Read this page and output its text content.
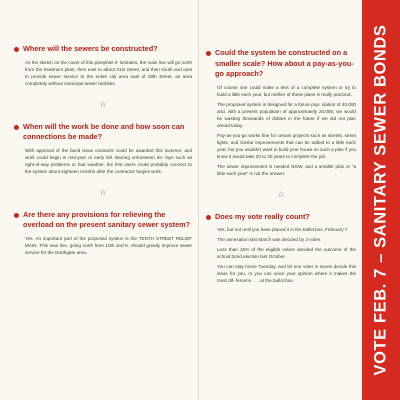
Where will the sewers be constructed?

As the sketch on the cover of this pamphlet il- lustrates, the main line will go north from the treatment plant, then east to about 31st Street, and then south and east to provide sewer service to the entire city area east of 28th Street, an area completely without municipal sewer facilities.

☆
When will the work be done and how soon can connections be made?

With approval of the bond issue contracts could be awarded this summer, and work could begin in mid-year or early fall. Barring unforeseen de- lays such as right-of-way problems or bad weather, the first users could probably connect to the system about eighteen months after the contractor begins work.

☆
Are there any provisions for relieving the overload on the present sanitary sewer system?

Yes. An important part of the proposed system is the TENTH STREET RELIEF MAIN. This new line, going north from 10th and K, should greatly improve sewer service for the Northgate area.

Could the system be constructed on a smaller scale? How about a pay-as-you- go approach?

Of course one could make a less of a complete system or try to build a little each year, but neither of these plans is really practical.

The proposed system is designed for a future pop- ulation of 40,000 and, with a present population of approximately 20,000, we would be wasting thousands of dollars in the future if we did not plan ahead today.

Pay-as-you-go works fine for certain projects such as streets, street lights, and similar improvements that can be added to a little each year, but you wouldn't want to build your house on such a plan if you knew it would take 20 to 30 years to complete the job.

The sewer improvement is needed NOW, and a smaller plan or "a little each year" is not the answer.

☆
Does my vote really count?

Yes, but not until you have placed it in the ballot box, February 7.

The annexation last March was decided by 3 votes.

Less than 15% of the eligible voters decided the outcome of the school bond election last October.

You can stay home Tuesday, and let one voter in seven decide this issue for you, or you can voice your opinion where it makes the most dif- ference . . . at the ballot box.	VOTE FEB. 7 – SANITARY SEWER BONDS
